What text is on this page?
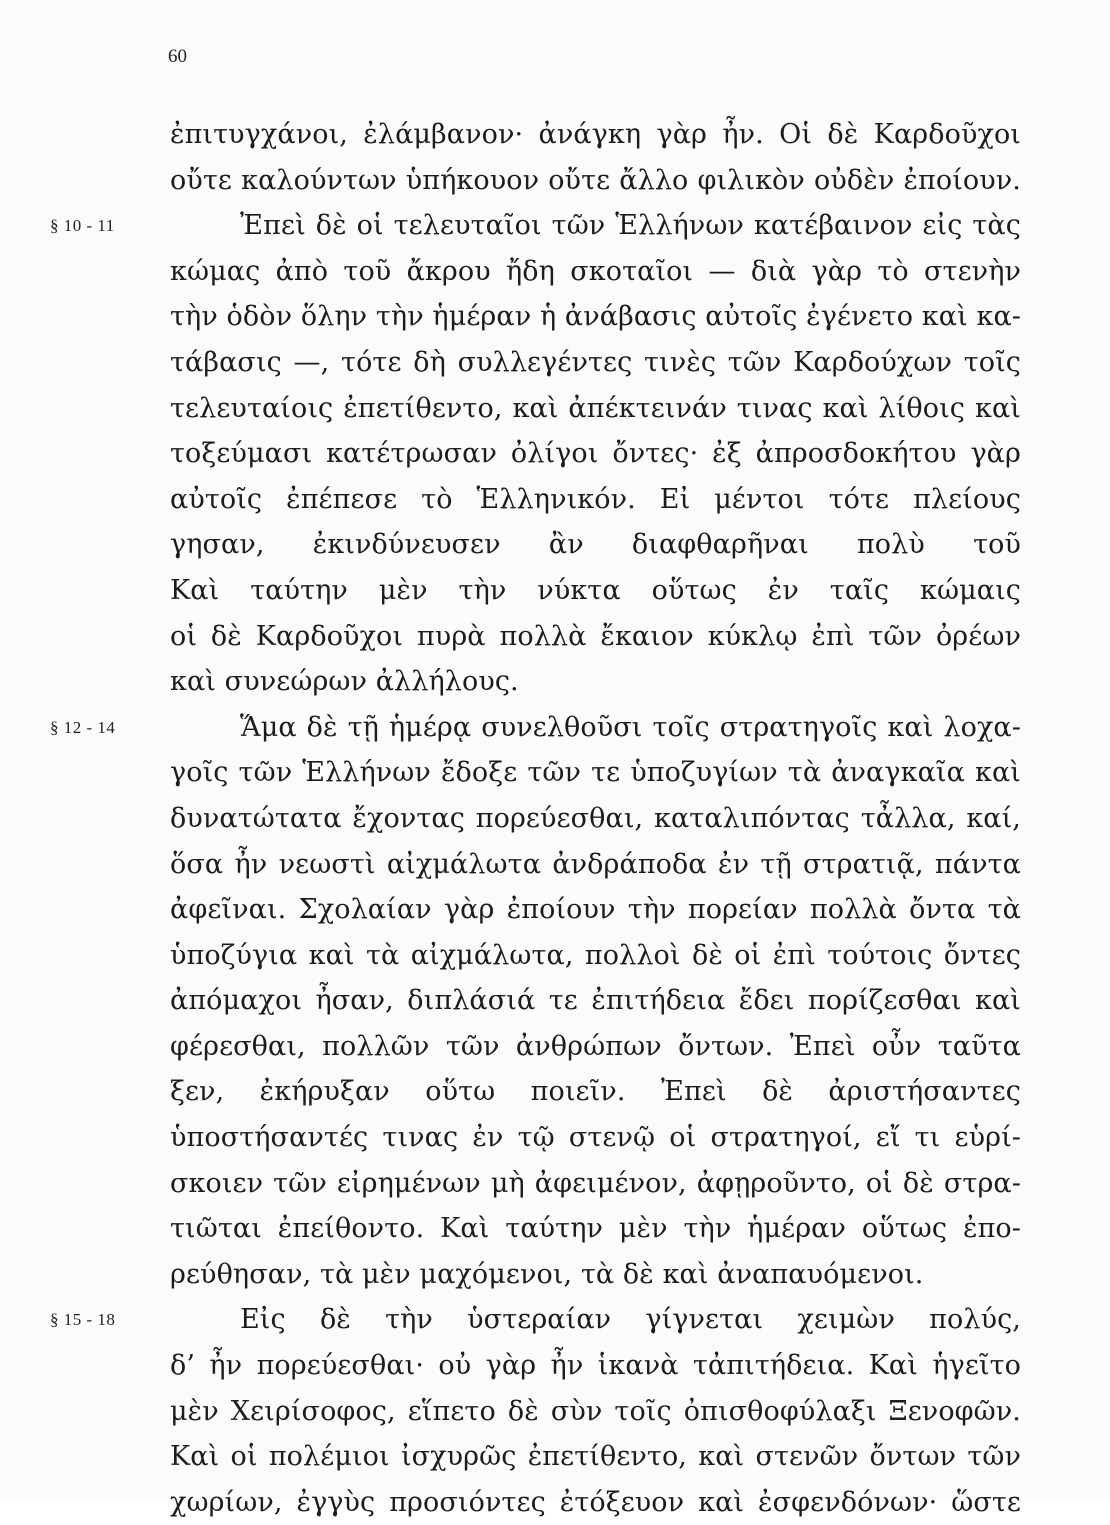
60
ἐπιτυγχάνοι, ἐλάμβανον· ἀνάγκη γὰρ ἦν. Οἱ δὲ Καρδοῦχοι
οὔτε καλούντων ὑπήκουον οὔτε ἄλλο φιλικὸν οὐδὲν ἐποίουν.
§ 10 - 11	Ἐπεὶ δὲ οἱ τελευταῖοι τῶν Ἑλλήνων κατέβαινον εἰς τὰς
κώμας ἀπὸ τοῦ ἄκρου ἤδη σκοταῖοι — διὰ γὰρ τὸ στενὴν
τὴν ὁδὸν ὅλην τὴν ἡμέραν ἡ ἀνάβασις αὐτοῖς ἐγένετο καὶ κα-
τάβασις —, τότε δὴ συλλεγέντες τινὲς τῶν Καρδούχων τοῖς
τελευταίοις ἐπετίθεντο, καὶ ἀπέκτεινάν τινας καὶ λίθοις καὶ
τοξεύμασι κατέτρωσαν ὀλίγοι ὄντες· ἐξ ἀπροσδοκήτου γὰρ
αὐτοῖς ἐπέπεσε τὸ Ἑλληνικόν. Εἰ μέντοι τότε πλείους
γησαν, ἐκινδύνευσεν ἂν διαφθαρῆναι πολὺ τοῦ
Καὶ ταύτην μὲν τὴν νύκτα οὕτως ἐν ταῖς κώμαις
οἱ δὲ Καρδοῦχοι πυρὰ πολλὰ ἔκαιον κύκλῳ ἐπὶ τῶν ὀρέων
καὶ συνεώρων ἀλλήλους.
§ 12 - 14	Ἅμα δὲ τῇ ἡμέρᾳ συνελθοῦσι τοῖς στρατηγοῖς καὶ λοχα-
γοῖς τῶν Ἑλλήνων ἔδοξε τῶν τε ὑποζυγίων τὰ ἀναγκαῖα καὶ
δυνατώτατα ἔχοντας πορεύεσθαι, καταλιπόντας τἆλλα, καί,
ὅσα ἦν νεωστὶ αἰχμάλωτα ἀνδράποδα ἐν τῇ στρατιᾷ, πάντα
ἀφεῖναι. Σχολαίαν γὰρ ἐποίουν τὴν πορείαν πολλὰ ὄντα τὰ
ὑποζύγια καὶ τὰ αἰχμάλωτα, πολλοὶ δὲ οἱ ἐπὶ τούτοις ὄντες
ἀπόμαχοι ἦσαν, διπλάσιά τε ἐπιτήδεια ἔδει πορίζεσθαι καὶ
φέρεσθαι, πολλῶν τῶν ἀνθρώπων ὄντων. Ἐπεὶ οὖν ταῦτα
ξεν, ἐκήρυξαν οὕτω ποιεῖν. Ἐπεὶ δὲ ἀριστήσαντες
ὑποστήσαντές τινας ἐν τῷ στενῷ οἱ στρατηγοί, εἴ τι εὑρί-
σκοιεν τῶν εἰρημένων μὴ ἀφειμένον, ἀφῃροῦντο, οἱ δὲ στρα-
τιῶται ἐπείθοντο. Καὶ ταύτην μὲν τὴν ἡμέραν οὕτως ἐπο-
ρεύθησαν, τὰ μὲν μαχόμενοι, τὰ δὲ καὶ ἀναπαυόμενοι.
§ 15 - 18	Εἰς δὲ τὴν ὑστεραίαν γίγνεται χειμὼν πολύς,
δ’ ἦν πορεύεσθαι· οὐ γὰρ ἦν ἱκανὰ τἀπιτήδεια. Καὶ ἡγεῖτο
μὲν Χειρίσοφος, εἵπετο δὲ σὺν τοῖς ὀπισθοφύλαξι Ξενοφῶν.
Καὶ οἱ πολέμιοι ἰσχυρῶς ἐπετίθεντο, καὶ στενῶν ὄντων τῶν
χωρίων, ἐγγὺς προσιόντες ἐτόξευον καὶ ἐσφενδόνων· ὥστε
